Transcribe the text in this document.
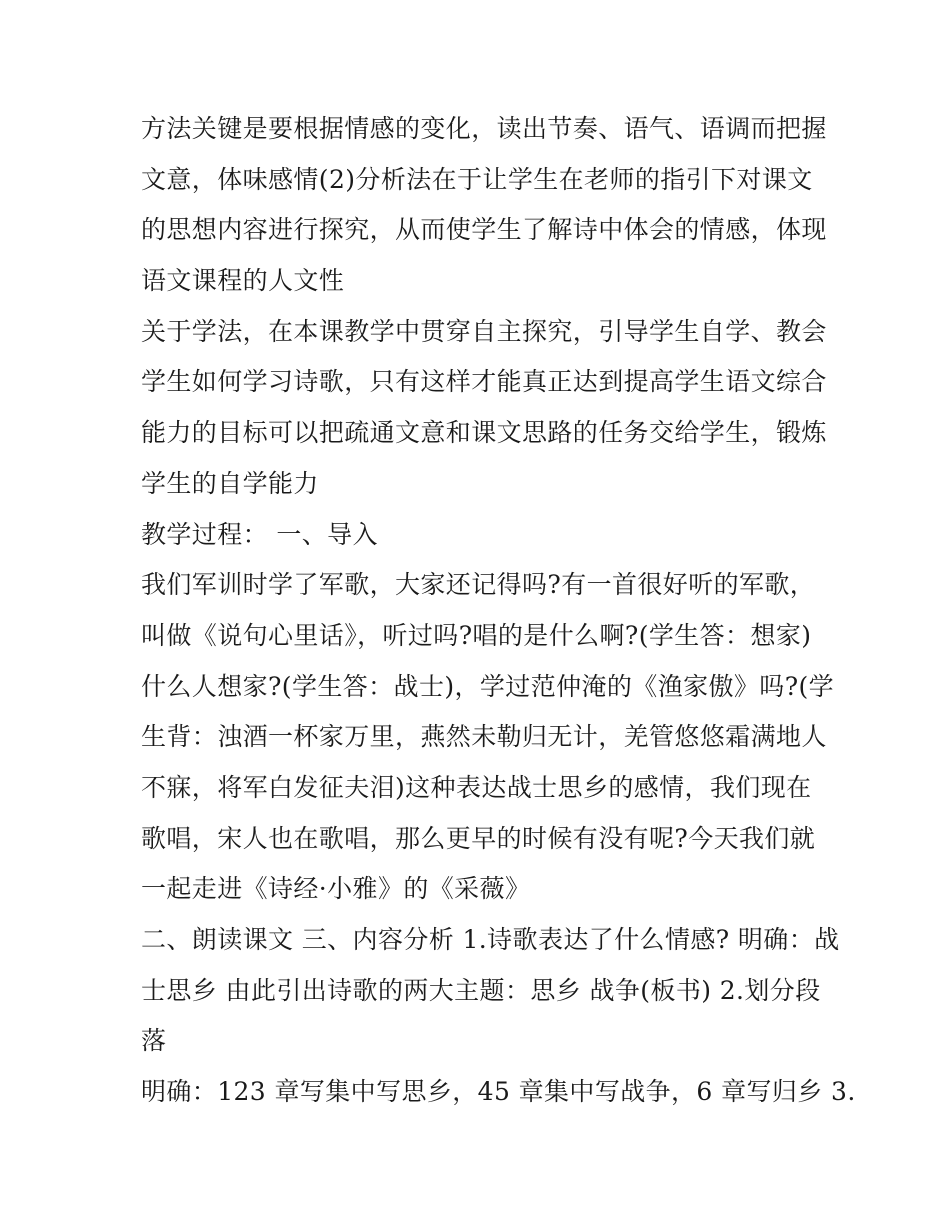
方法关键是要根据情感的变化，读出节奏、语气、语调而把握
文意，体味感情(2)分析法在于让学生在老师的指引下对课文
的思想内容进行探究，从而使学生了解诗中体会的情感，体现
语文课程的人文性
关于学法，在本课教学中贯穿自主探究，引导学生自学、教会
学生如何学习诗歌，只有这样才能真正达到提高学生语文综合
能力的目标可以把疏通文意和课文思路的任务交给学生，锻炼
学生的自学能力
教学过程： 一、导入
我们军训时学了军歌，大家还记得吗?有一首很好听的军歌，
叫做《说句心里话》，听过吗?唱的是什么啊?(学生答：想家)
什么人想家?(学生答：战士)，学过范仲淹的《渔家傲》吗?(学
生背：浊酒一杯家万里，燕然未勒归无计，羌管悠悠霜满地人
不寐，将军白发征夫泪)这种表达战士思乡的感情，我们现在
歌唱，宋人也在歌唱，那么更早的时候有没有呢?今天我们就
一起走进《诗经·小雅》的《采薇》
二、朗读课文 三、内容分析 1.诗歌表达了什么情感? 明确：战
士思乡 由此引出诗歌的两大主题：思乡 战争(板书) 2.划分段
落
明确：123 章写集中写思乡，45 章集中写战争，6 章写归乡 3.
